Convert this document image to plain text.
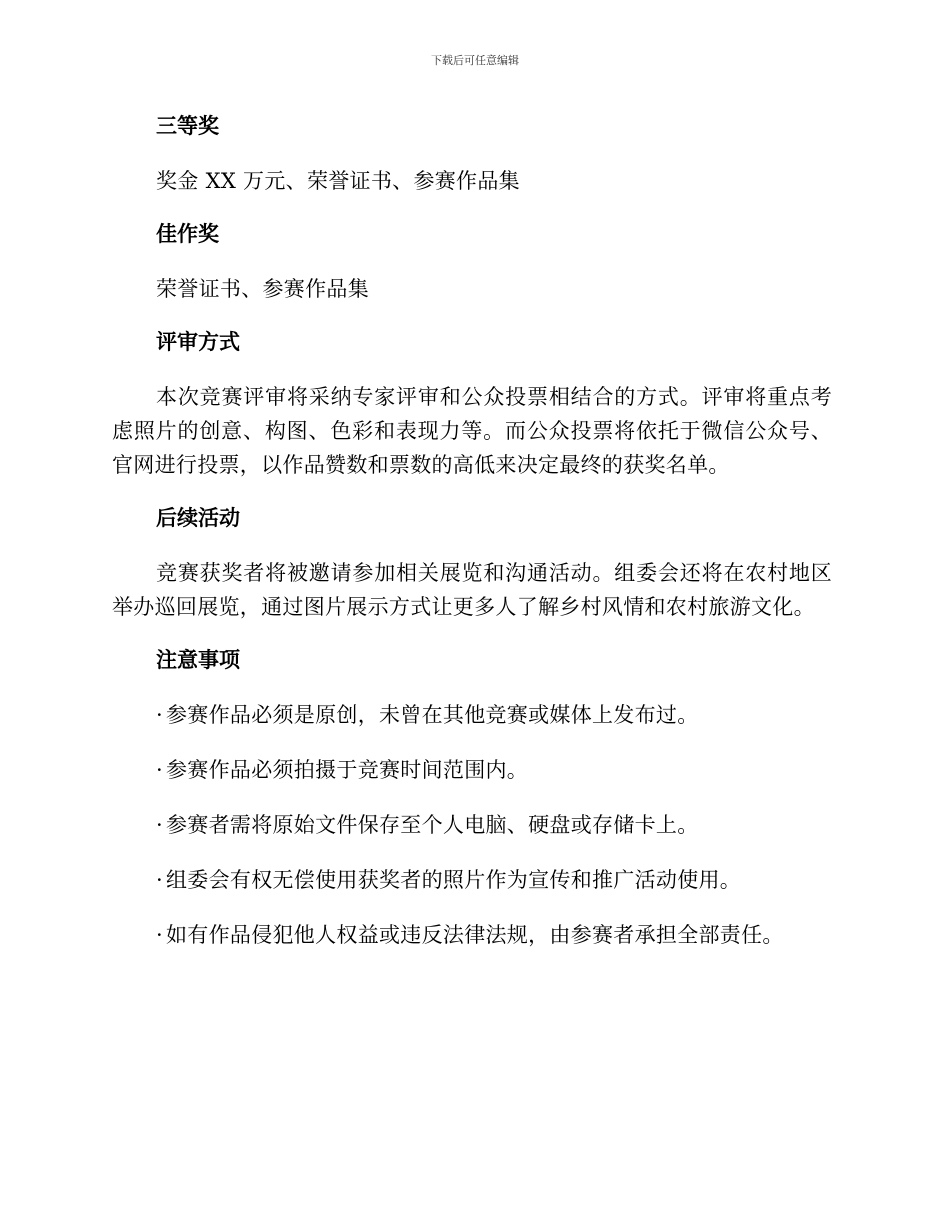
下载后可任意编辑
三等奖

奖金 XX 万元、荣誉证书、参赛作品集

佳作奖

荣誉证书、参赛作品集

评审方式

本次竞赛评审将采纳专家评审和公众投票相结合的方式。评审将重点考虑照片的创意、构图、色彩和表现力等。而公众投票将依托于微信公众号、官网进行投票，以作品赞数和票数的高低来决定最终的获奖名单。

后续活动

竞赛获奖者将被邀请参加相关展览和沟通活动。组委会还将在农村地区举办巡回展览，通过图片展示方式让更多人了解乡村风情和农村旅游文化。

注意事项
· 参赛作品必须是原创，未曾在其他竞赛或媒体上发布过。
· 参赛作品必须拍摄于竞赛时间范围内。
· 参赛者需将原始文件保存至个人电脑、硬盘或存储卡上。
· 组委会有权无偿使用获奖者的照片作为宣传和推广活动使用。
· 如有作品侵犯他人权益或违反法律法规，由参赛者承担全部责任。
